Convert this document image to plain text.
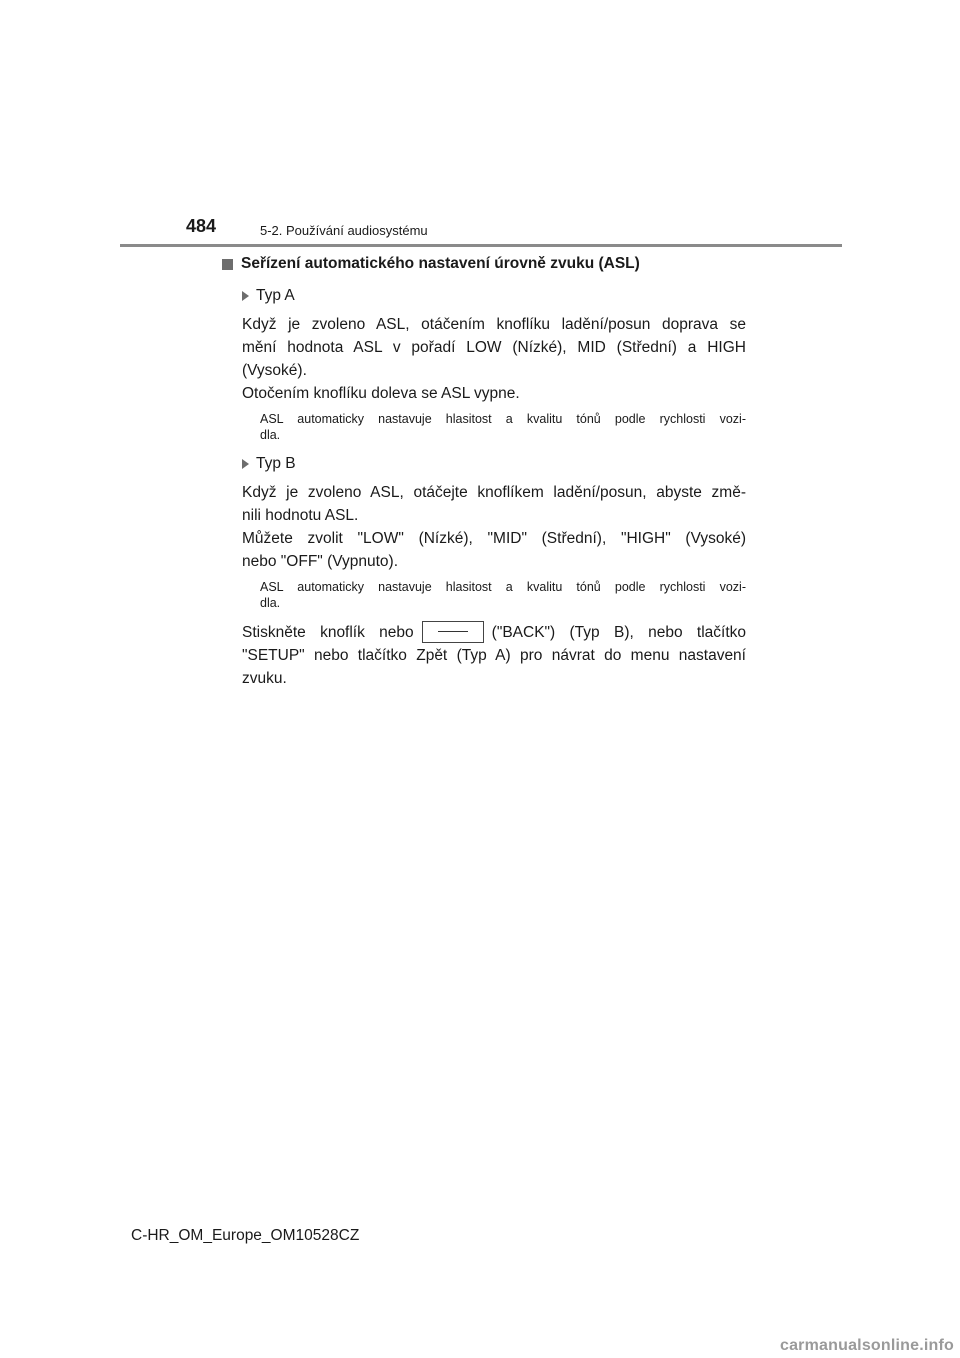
484	5-2. Používání audiosystému
Seřízení automatického nastavení úrovně zvuku (ASL)
Typ A
Když je zvoleno ASL, otáčením knoflíku ladění/posun doprava se
mění hodnota ASL v pořadí LOW (Nízké), MID (Střední) a HIGH
(Vysoké).
Otočením knoflíku doleva se ASL vypne.
ASL automaticky nastavuje hlasitost a kvalitu tónů podle rychlosti vozi-
dla.
Typ B
Když je zvoleno ASL, otáčejte knoflíkem ladění/posun, abyste změ-
nili hodnotu ASL.
Můžete zvolit "LOW" (Nízké), "MID" (Střední), "HIGH" (Vysoké)
nebo "OFF" (Vypnuto).
ASL automaticky nastavuje hlasitost a kvalitu tónů podle rychlosti vozi-
dla.
Stiskněte knoflík nebo	("BACK") (Typ B), nebo tlačítko
"SETUP" nebo tlačítko Zpět (Typ A) pro návrat do menu nastavení
zvuku.
C-HR_OM_Europe_OM10528CZ
carmanualsonline.info
